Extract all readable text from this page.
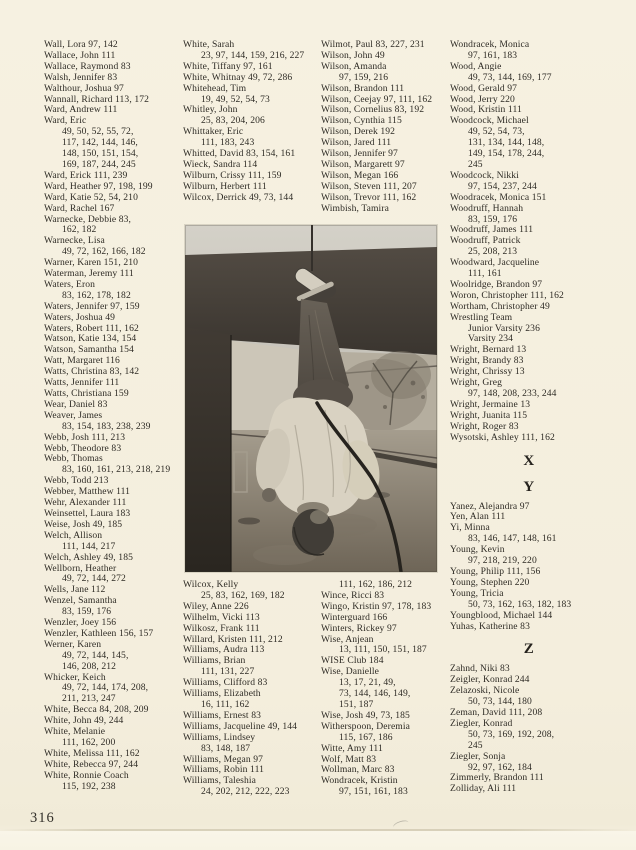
Wall, Lora 97, 142
Wallace, John 111
Wallace, Raymond 83
Walsh, Jennifer 83
Walthour, Joshua 97
Wannall, Richard 113, 172
Ward, Andrew 111
Ward, Eric
49, 50, 52, 55, 72,
117, 142, 144, 146,
148, 150, 151, 154,
169, 187, 244, 245
Ward, Erick 111, 239
Ward, Heather 97, 198, 199
Ward, Katie 52, 54, 210
Ward, Rachel 167
Warnecke, Debbie 83,
162, 182
Warnecke, Lisa
49, 72, 162, 166, 182
Warner, Karen 151, 210
Waterman, Jeremy 111
Waters, Eron
83, 162, 178, 182
Waters, Jennifer 97, 159
Waters, Joshua 49
Waters, Robert 111, 162
Watson, Katie 134, 154
Watson, Samantha 154
Watt, Margaret 116
Watts, Christina 83, 142
Watts, Jennifer 111
Watts, Christiana 159
Wear, Daniel 83
Weaver, James
83, 154, 183, 238, 239
Webb, Josh 111, 213
Webb, Theodore 83
Webb, Thomas
83, 160, 161, 213, 218, 219
Webb, Todd 213
Webber, Matthew 111
Wehr, Alexander 111
Weinsettel, Laura 183
Weise, Josh 49, 185
Welch, Allison
111, 144, 217
Welch, Ashley 49, 185
Wellborn, Heather
49, 72, 144, 272
Wells, Jane 112
Wenzel, Samantha
83, 159, 176
Wenzler, Joey 156
Wenzler, Kathleen 156, 157
Werner, Karen
49, 72, 144, 145,
146, 208, 212
Whicker, Keich
49, 72, 144, 174, 208,
211, 213, 247
White, Becca 84, 208, 209
White, John 49, 244
White, Melanie
111, 162, 200
White, Melissa 111, 162
White, Rebecca 97, 244
White, Ronnie Coach
115, 192, 238
White, Sarah
23, 97, 144, 159, 216, 227
White, Tiffany 97, 161
White, Whitnay 49, 72, 286
Whitehead, Tim
19, 49, 52, 54, 73
Whitley, John
25, 83, 204, 206
Whittaker, Eric
111, 183, 243
Whitted, David 83, 154, 161
Wieck, Sandra 114
Wilburn, Crissy 111, 159
Wilburn, Herbert 111
Wilcox, Derrick 49, 73, 144
Wilmot, Paul 83, 227, 231
Wilson, John 49
Wilson, Amanda
97, 159, 216
Wilson, Brandon 111
Wilson, Ceejay 97, 111, 162
Wilson, Cornelius 83, 192
Wilson, Cynthia 115
Wilson, Derek 192
Wilson, Jared 111
Wilson, Jennifer 97
Wilson, Margarett 97
Wilson, Megan 166
Wilson, Steven 111, 207
Wilson, Trevor 111, 162
Wimbish, Tamira
Wilcox, Kelly
25, 83, 162, 169, 182
Wiley, Anne 226
Wilhelm, Vicki 113
Wilkosz, Frank 111
Willard, Kristen 111, 212
Williams, Audra 113
Williams, Brian
111, 131, 227
Williams, Clifford 83
Williams, Elizabeth
16, 111, 162
Williams, Ernest 83
Williams, Jacqueline 49, 144
Williams, Lindsey
83, 148, 187
Williams, Megan 97
Williams, Robin 111
Williams, Taleshia
24, 202, 212, 222, 223
111, 162, 186, 212
Wince, Ricci 83
Wingo, Kristin 97, 178, 183
Winterguard 166
Winters, Rickey 97
Wise, Anjean
13, 111, 150, 151, 187
WISE Club 184
Wise, Danielle
13, 17, 21, 49,
73, 144, 146, 149,
151, 187
Wise, Josh 49, 73, 185
Witherspoon, Deremia
115, 167, 186
Witte, Amy 111
Wolf, Matt 83
Wollman, Marc 83
Wondracek, Kristin
97, 151, 161, 183
Wondracek, Monica
97, 161, 183
Wood, Angie
49, 73, 144, 169, 177
Wood, Gerald 97
Wood, Jerry 220
Wood, Kristin 111
Woodcock, Michael
49, 52, 54, 73,
131, 134, 144, 148,
149, 154, 178, 244,
245
Woodcock, Nikki
97, 154, 237, 244
Woodracek, Monica 151
Woodruff, Hannah
83, 159, 176
Woodruff, James 111
Woodruff, Patrick
25, 208, 213
Woodward, Jacqueline
111, 161
Woolridge, Brandon 97
Woron, Christopher 111, 162
Wortham, Christopher 49
Wrestling Team
Junior Varsity 236
Varsity 234
Wright, Bernard 13
Wright, Brandy 83
Wright, Chrissy 13
Wright, Greg
97, 148, 208, 233, 244
Wright, Jermaine 13
Wright, Juanita 115
Wright, Roger 83
Wysotski, Ashley 111, 162
X
Y
Yanez, Alejandra 97
Yen, Alan 111
Yi, Minna
83, 146, 147, 148, 161
Young, Kevin
97, 218, 219, 220
Young, Philip 111, 156
Young, Stephen 220
Young, Tricia
50, 73, 162, 163, 182, 183
Youngblood, Michael 144
Yuhas, Katherine 83
Z
Zahnd, Niki 83
Zeigler, Konrad 244
Zelazoski, Nicole
50, 73, 144, 180
Zeman, David 111, 208
Ziegler, Konrad
50, 73, 169, 192, 208,
245
Ziegler, Sonja
92, 97, 162, 184
Zimmerly, Brandon 111
Zolliday, Ali 111
316
